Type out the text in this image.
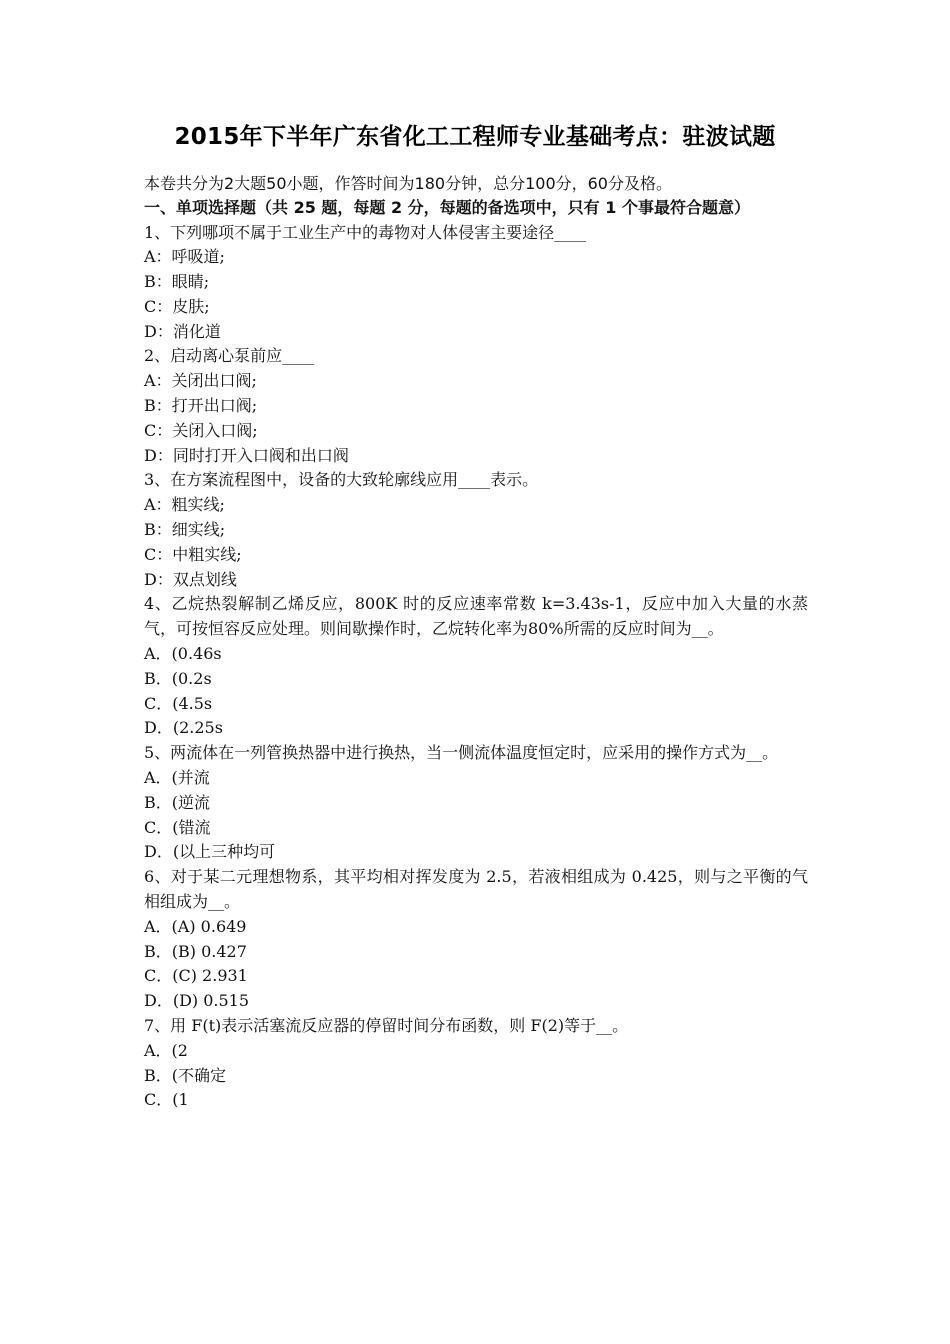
2015年下半年广东省化工工程师专业基础考点：驻波试题
本卷共分为2大题50小题，作答时间为180分钟，总分100分，60分及格。
一、单项选择题（共 25 题，每题 2 分，每题的备选项中，只有 1 个事最符合题意）
1、下列哪项不属于工业生产中的毒物对人体侵害主要途径____
A：呼吸道;
B：眼睛;
C：皮肤;
D：消化道
2、启动离心泵前应____
A：关闭出口阀;
B：打开出口阀;
C：关闭入口阀;
D：同时打开入口阀和出口阀
3、在方案流程图中，设备的大致轮廓线应用____表示。
A：粗实线;
B：细实线;
C：中粗实线;
D：双点划线
4、乙烷热裂解制乙烯反应，800K 时的反应速率常数 k=3.43s-1，反应中加入大量的水蒸气，可按恒容反应处理。则间歇操作时，乙烷转化率为80%所需的反应时间为__。
A．(0.46s
B．(0.2s
C．(4.5s
D．(2.25s
5、两流体在一列管换热器中进行换热，当一侧流体温度恒定时，应采用的操作方式为__。
A．(并流
B．(逆流
C．(错流
D．(以上三种均可
6、对于某二元理想物系，其平均相对挥发度为 2.5，若液相组成为 0.425，则与之平衡的气相组成为__。
A．(A) 0.649
B．(B) 0.427
C．(C) 2.931
D．(D) 0.515
7、用 F(t)表示活塞流反应器的停留时间分布函数，则 F(2)等于__。
A．(2
B．(不确定
C．(1
